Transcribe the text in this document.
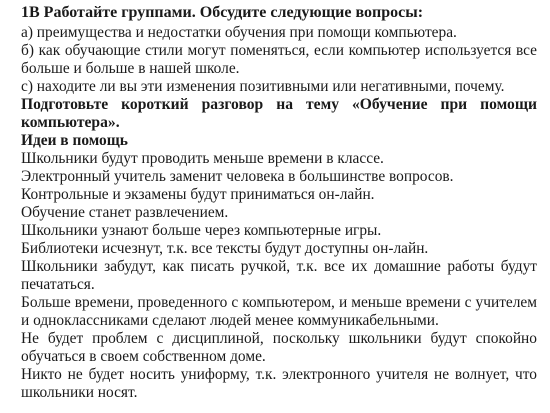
1B Работайте группами. Обсудите следующие вопросы:

а) преимущества и недостатки обучения при помощи компьютера.

б) как обучающие стили могут поменяться, если компьютер используется все больше и больше в нашей школе.

с) находите ли вы эти изменения позитивными или негативными, почему.

Подготовьте короткий разговор на тему «Обучение при помощи компьютера».

Идеи в помощь

Школьники будут проводить меньше времени в классе.

Электронный учитель заменит человека в большинстве вопросов.

Контрольные и экзамены будут приниматься он-лайн.

Обучение станет развлечением.

Школьники узнают больше через компьютерные игры.

Библиотеки исчезнут, т.к. все тексты будут доступны он-лайн.

Школьники забудут, как писать ручкой, т.к. все их домашние работы будут печататься.

Больше времени, проведенного с компьютером, и меньше времени с учителем и одноклассниками сделают людей менее коммуникабельными.

Не будет проблем с дисциплиной, поскольку школьники будут спокойно обучаться в своем собственном доме.

Никто не будет носить униформу, т.к. электронного учителя не волнует, что школьники носят.
